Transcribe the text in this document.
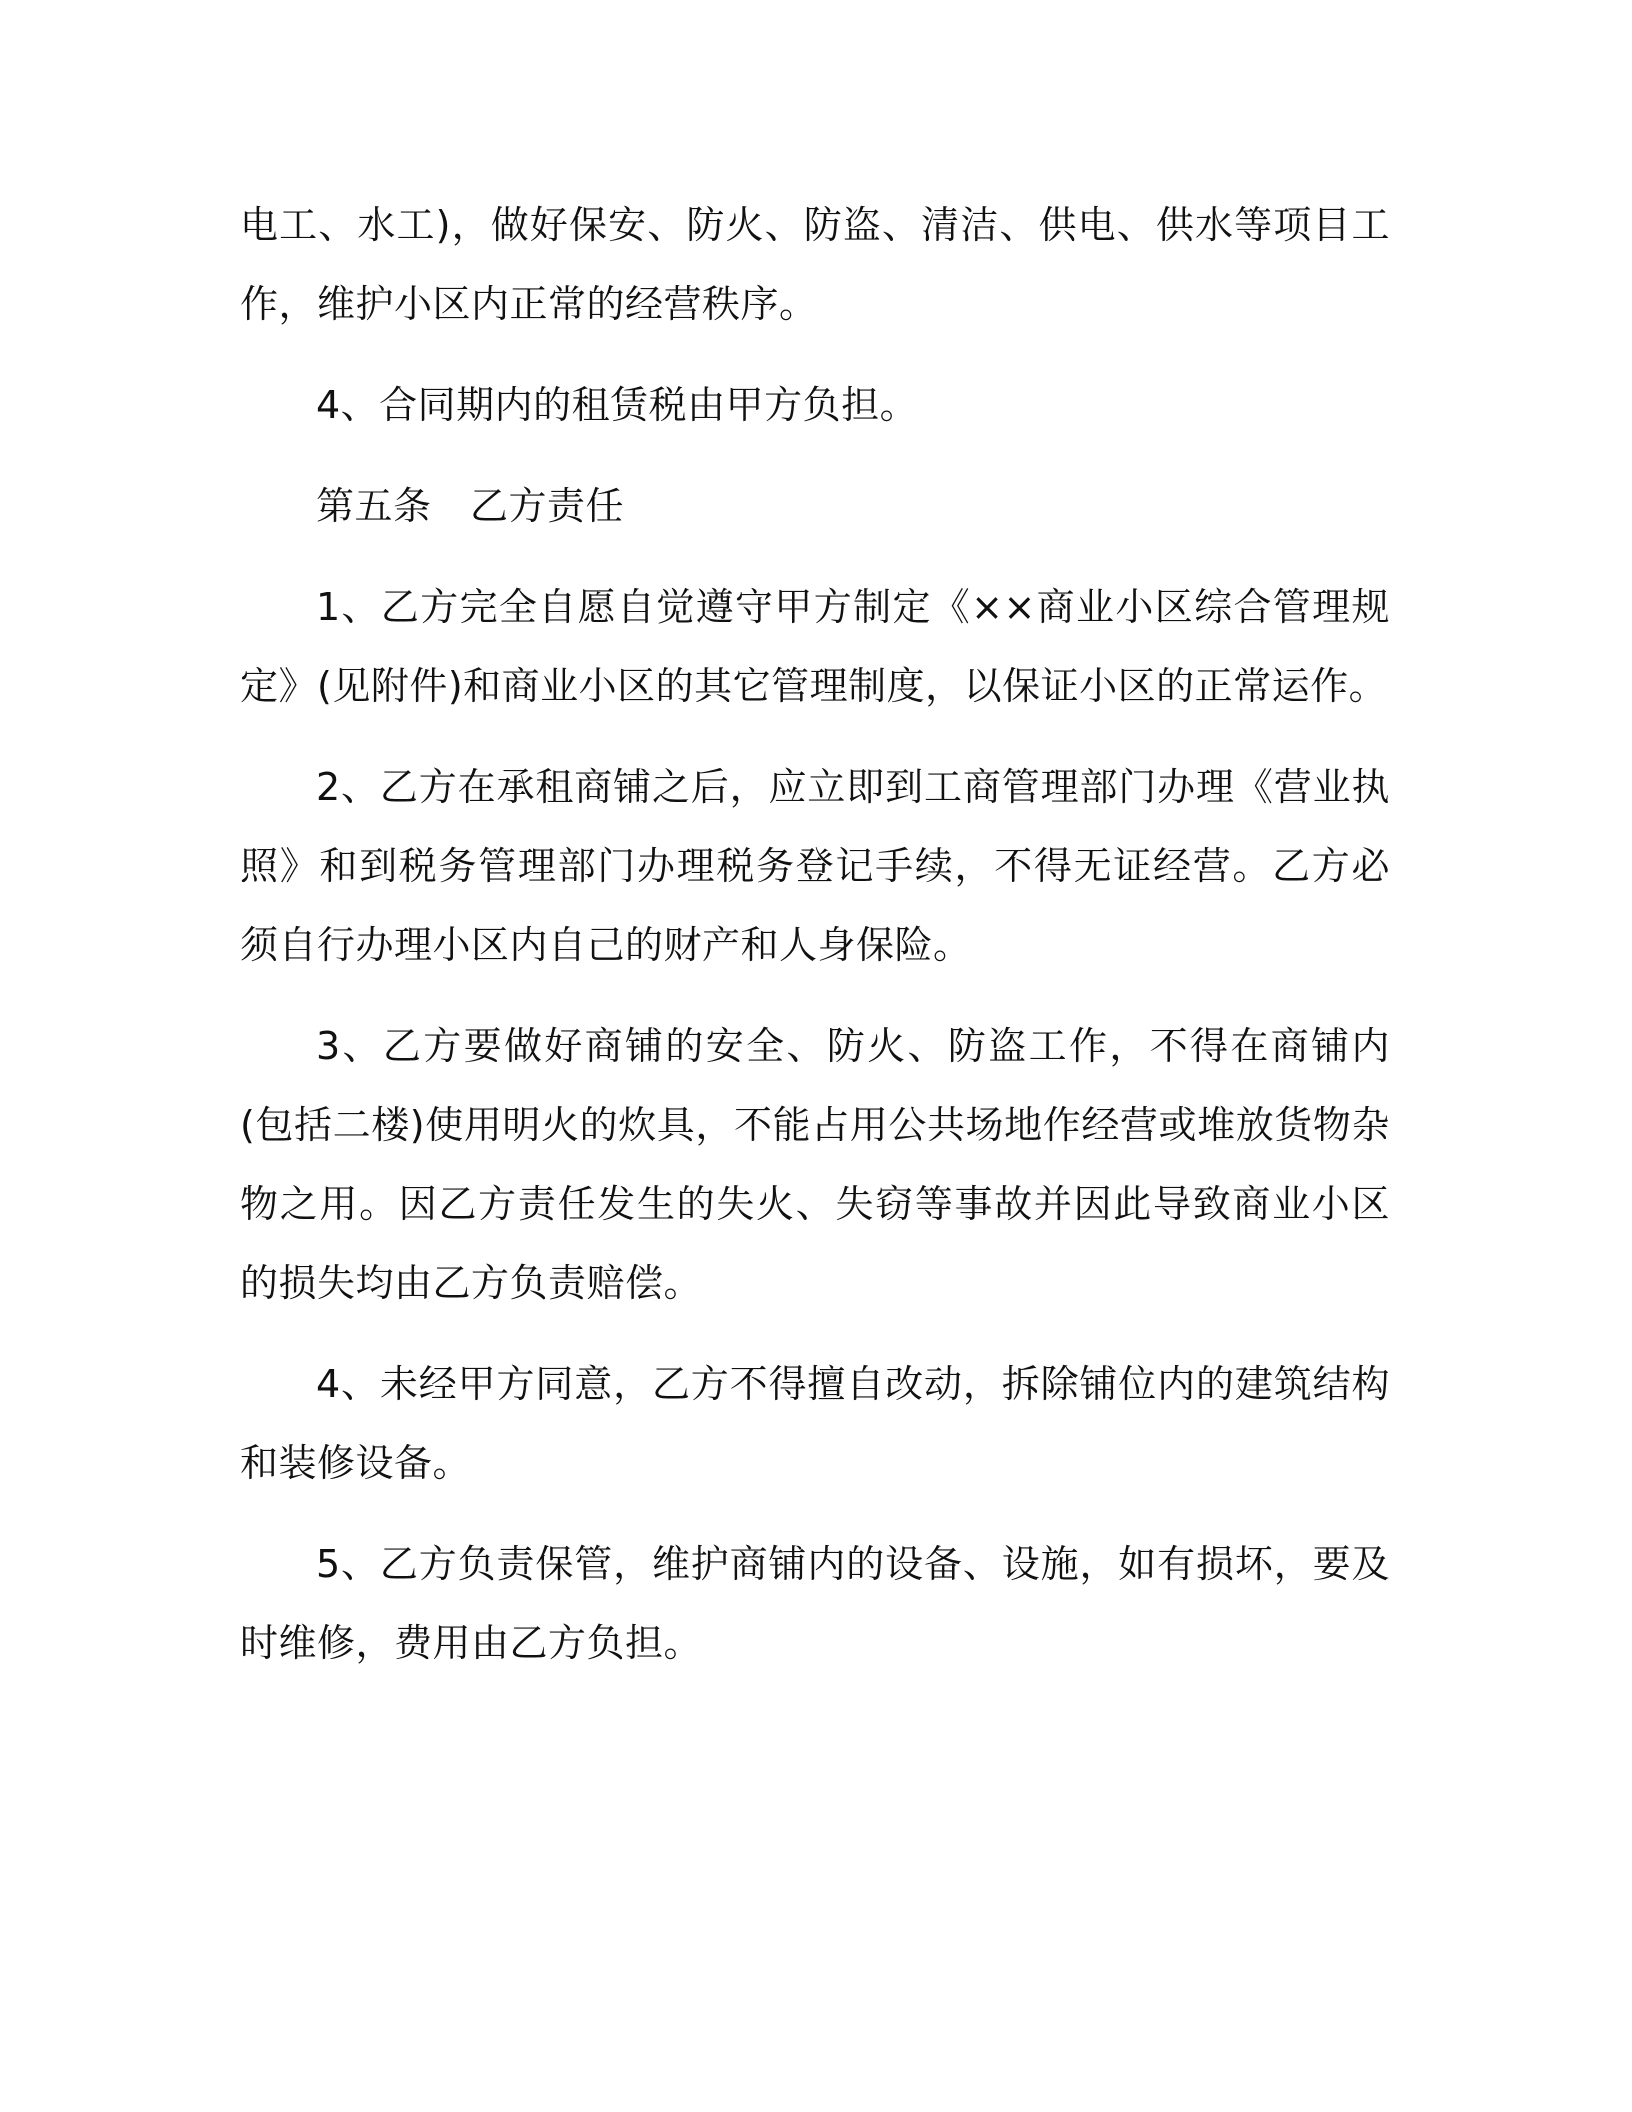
电工、水工)，做好保安、防火、防盗、清洁、供电、供水等项目工作，维护小区内正常的经营秩序。

4、合同期内的租赁税由甲方负担。

第五条　乙方责任

1、乙方完全自愿自觉遵守甲方制定《××商业小区综合管理规定》(见附件)和商业小区的其它管理制度，以保证小区的正常运作。

2、乙方在承租商铺之后，应立即到工商管理部门办理《营业执照》和到税务管理部门办理税务登记手续，不得无证经营。乙方必须自行办理小区内自己的财产和人身保险。

3、乙方要做好商铺的安全、防火、防盗工作，不得在商铺内(包括二楼)使用明火的炊具，不能占用公共场地作经营或堆放货物杂物之用。因乙方责任发生的失火、失窃等事故并因此导致商业小区的损失均由乙方负责赔偿。

4、未经甲方同意，乙方不得擅自改动，拆除铺位内的建筑结构和装修设备。

5、乙方负责保管，维护商铺内的设备、设施，如有损坏，要及时维修，费用由乙方负担。
